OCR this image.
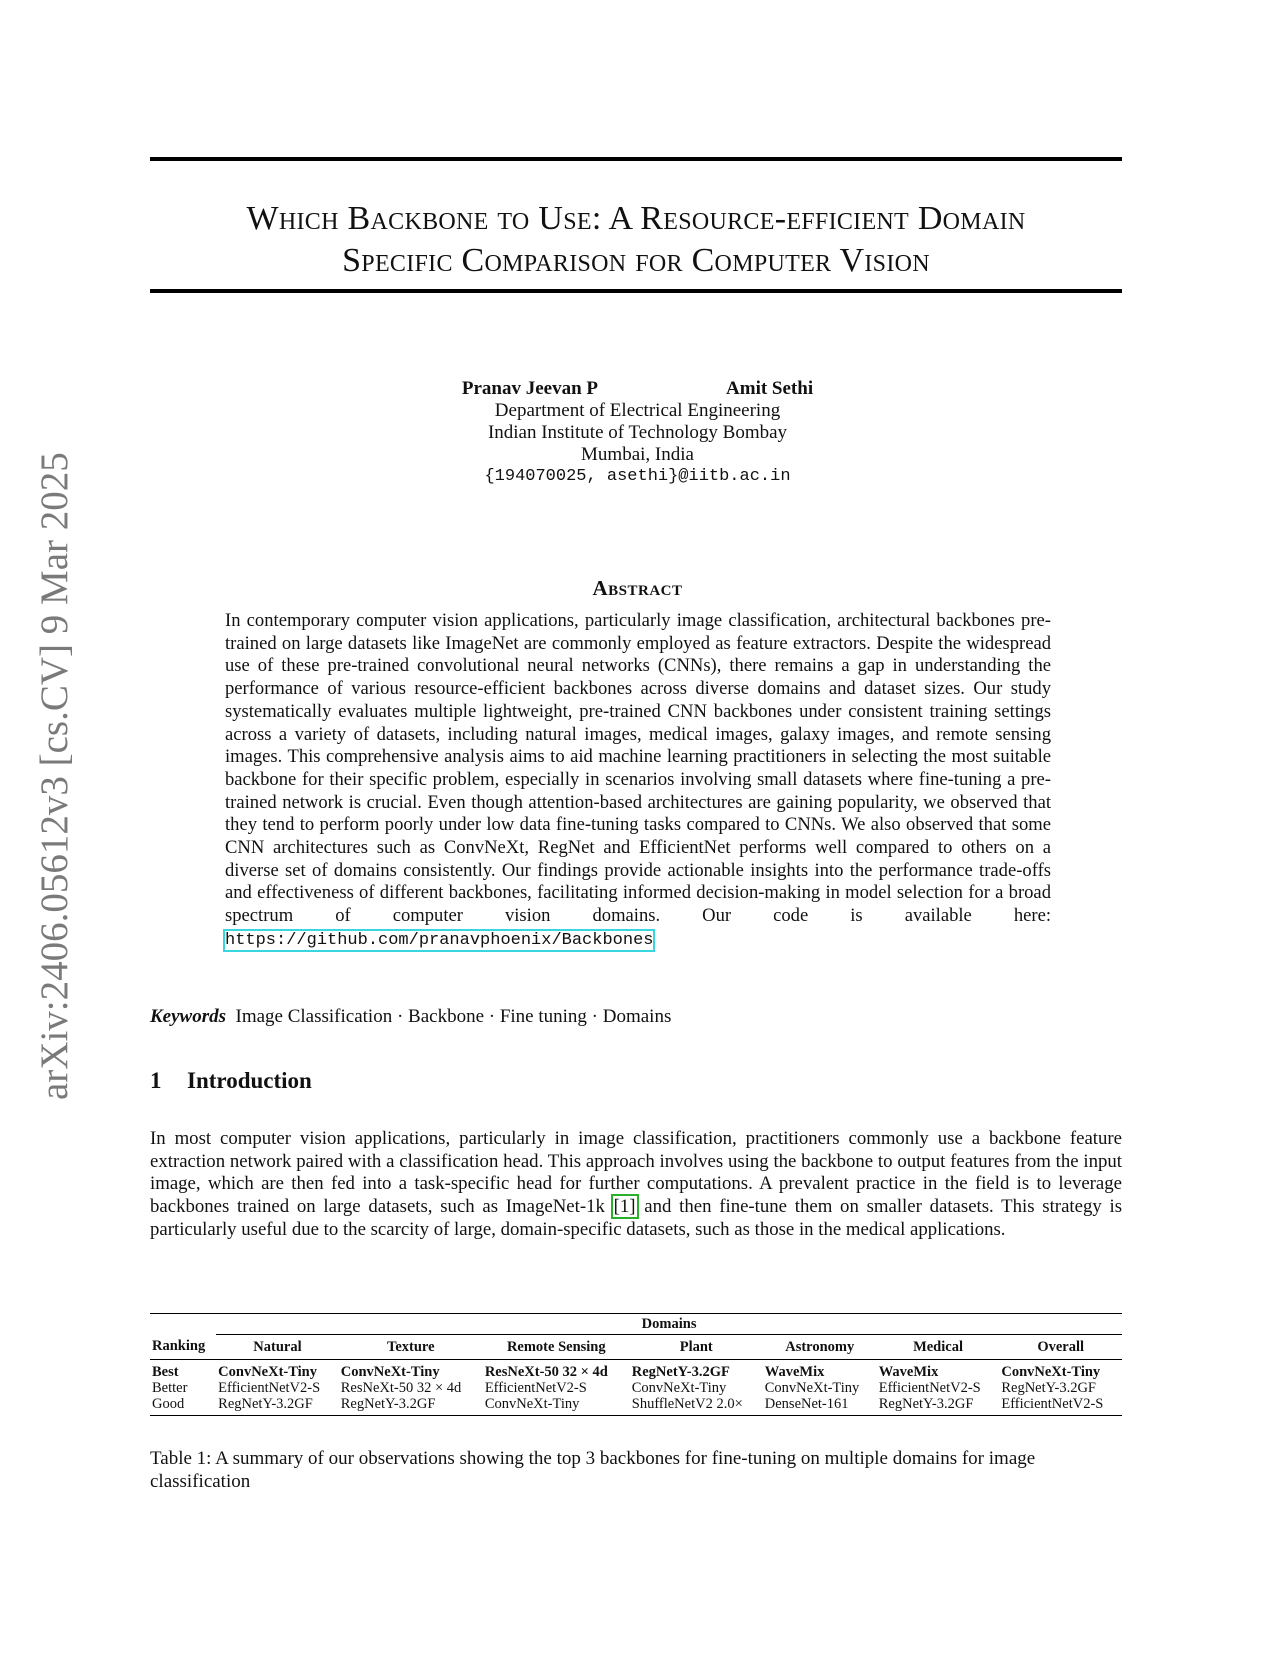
arXiv:2406.05612v3 [cs.CV] 9 Mar 2025
Which Backbone to Use: A Resource-efficient Domain
Specific Comparison for Computer Vision
Pranav Jeevan P	Amit Sethi
Department of Electrical Engineering
Indian Institute of Technology Bombay
Mumbai, India
{194070025, asethi}@iitb.ac.in
Abstract
In contemporary computer vision applications, particularly image classification, architectural backbones pre-trained on large datasets like ImageNet are commonly employed as feature extractors. Despite the widespread use of these pre-trained convolutional neural networks (CNNs), there remains a gap in understanding the performance of various resource-efficient backbones across diverse domains and dataset sizes. Our study systematically evaluates multiple lightweight, pre-trained CNN backbones under consistent training settings across a variety of datasets, including natural images, medical images, galaxy images, and remote sensing images. This comprehensive analysis aims to aid machine learning practitioners in selecting the most suitable backbone for their specific problem, especially in scenarios involving small datasets where fine-tuning a pre-trained network is crucial. Even though attention-based architectures are gaining popularity, we observed that they tend to perform poorly under low data fine-tuning tasks compared to CNNs. We also observed that some CNN architectures such as ConvNeXt, RegNet and EfficientNet performs well compared to others on a diverse set of domains consistently. Our findings provide actionable insights into the performance trade-offs and effectiveness of different backbones, facilitating informed decision-making in model selection for a broad spectrum of computer vision domains. Our code is available here: https://github.com/pranavphoenix/Backbones
Keywords Image Classification · Backbone · Fine tuning · Domains
1 Introduction
In most computer vision applications, particularly in image classification, practitioners commonly use a backbone feature extraction network paired with a classification head. This approach involves using the backbone to output features from the input image, which are then fed into a task-specific head for further computations. A prevalent practice in the field is to leverage backbones trained on large datasets, such as ImageNet-1k [1] and then fine-tune them on smaller datasets. This strategy is particularly useful due to the scarcity of large, domain-specific datasets, such as those in the medical applications.
	Domains						
Ranking	Natural	Texture	Remote Sensing	Plant	Astronomy	Medical	Overall
Best	ConvNeXt-Tiny	ConvNeXt-Tiny	ResNeXt-50 32 × 4d	RegNetY-3.2GF	WaveMix	WaveMix	ConvNeXt-Tiny
Better	EfficientNetV2-S	ResNeXt-50 32 × 4d	EfficientNetV2-S	ConvNeXt-Tiny	ConvNeXt-Tiny	EfficientNetV2-S	RegNetY-3.2GF
Good	RegNetY-3.2GF	RegNetY-3.2GF	ConvNeXt-Tiny	ShuffleNetV2 2.0×	DenseNet-161	RegNetY-3.2GF	EfficientNetV2-S
Table 1: A summary of our observations showing the top 3 backbones for fine-tuning on multiple domains for image classification
